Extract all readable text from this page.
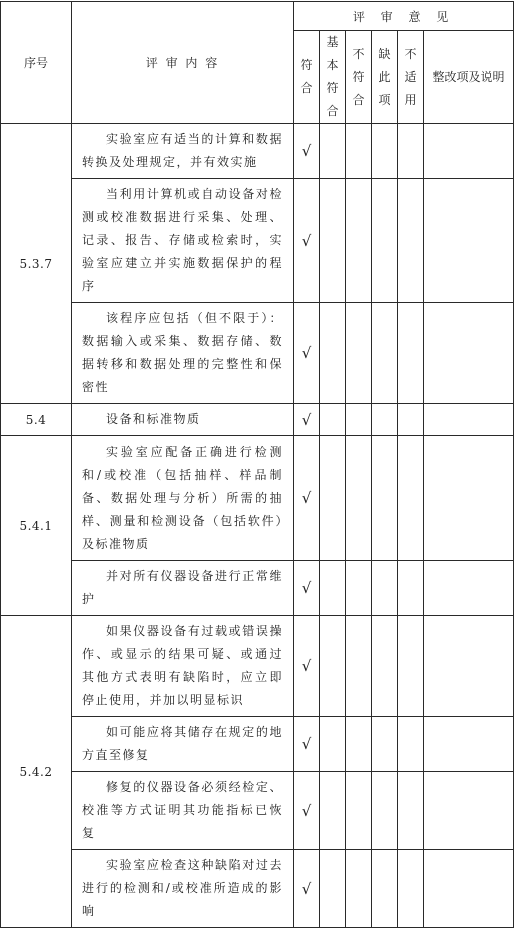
序号	评 审 内 容	评 审 意 见					
		符合	基本符合	不符合	缺此项	不适用	整改项及说明
5.3.7	实验室应有适当的计算和数据转换及处理规定，并有效实施	√					

	当利用计算机或自动设备对检测或校准数据进行采集、处理、记录、报告、存储或检索时，实验室应建立并实施数据保护的程序	√					

	该程序应包括（但不限于）：数据输入或采集、数据存储、数据转移和数据处理的完整性和保密性	√					
5.4	设备和标准物质	√					
5.4.1	实验室应配备正确进行检测和/或校准（包括抽样、样品制备、数据处理与分析）所需的抽样、测量和检测设备（包括软件）及标准物质	√					

	并对所有仪器设备进行正常维护	√					
5.4.2	如果仪器设备有过载或错误操作、或显示的结果可疑、或通过其他方式表明有缺陷时，应立即停止使用，并加以明显标识	√					

	如可能应将其储存在规定的地方直至修复	√					

	修复的仪器设备必须经检定、校准等方式证明其功能指标已恢复	√					

	实验室应检查这种缺陷对过去进行的检测和/或校准所造成的影响	√					
